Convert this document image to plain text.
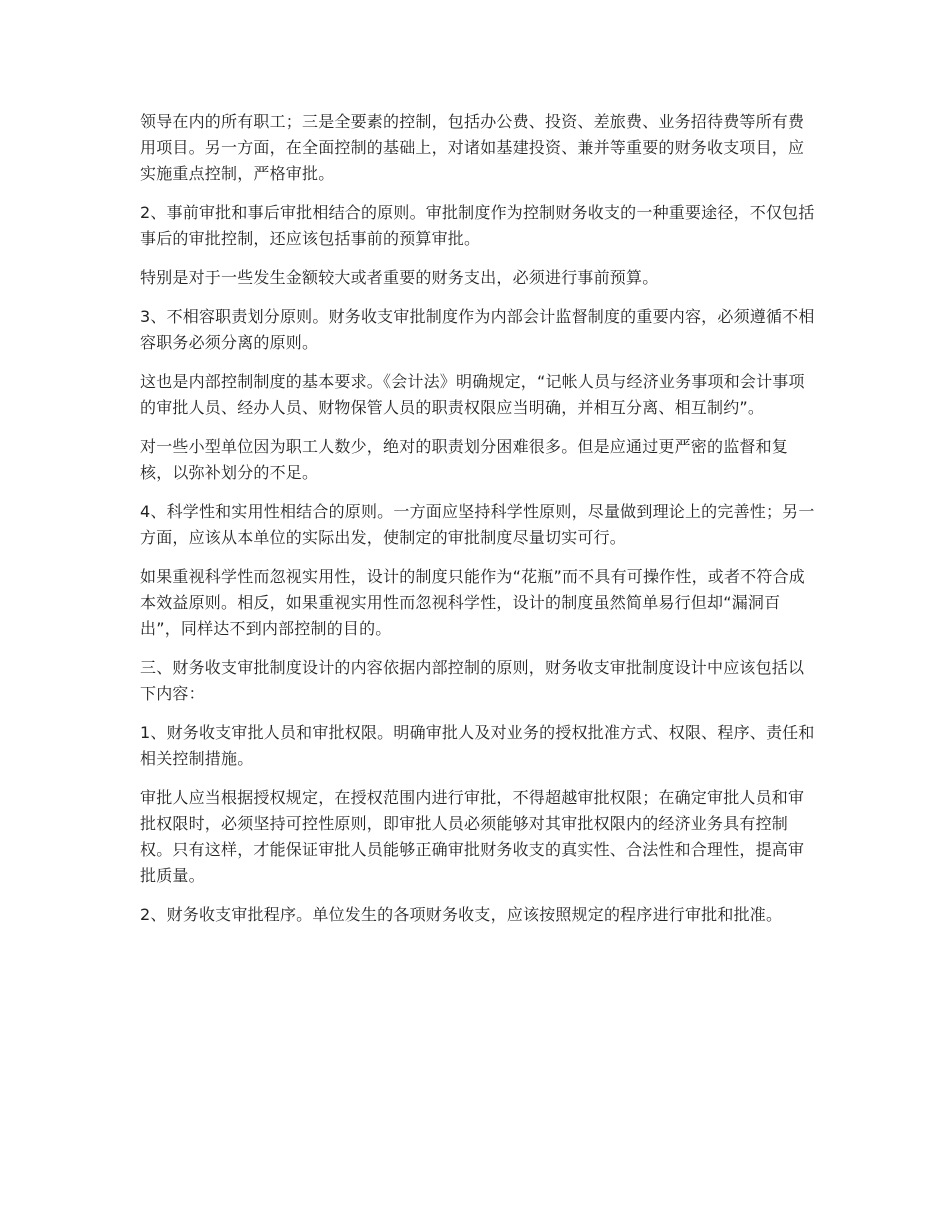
领导在内的所有职工；三是全要素的控制，包括办公费、投资、差旅费、业务招待费等所有费用项目。另一方面，在全面控制的基础上，对诸如基建投资、兼并等重要的财务收支项目，应实施重点控制，严格审批。

2、事前审批和事后审批相结合的原则。审批制度作为控制财务收支的一种重要途径，不仅包括事后的审批控制，还应该包括事前的预算审批。

特别是对于一些发生金额较大或者重要的财务支出，必须进行事前预算。

3、不相容职责划分原则。财务收支审批制度作为内部会计监督制度的重要内容，必须遵循不相容职务必须分离的原则。

这也是内部控制制度的基本要求。《会计法》明确规定，“记帐人员与经济业务事项和会计事项的审批人员、经办人员、财物保管人员的职责权限应当明确，并相互分离、相互制约”。

对一些小型单位因为职工人数少，绝对的职责划分困难很多。但是应通过更严密的监督和复核，以弥补划分的不足。

4、科学性和实用性相结合的原则。一方面应坚持科学性原则，尽量做到理论上的完善性；另一方面，应该从本单位的实际出发，使制定的审批制度尽量切实可行。

如果重视科学性而忽视实用性，设计的制度只能作为“花瓶”而不具有可操作性，或者不符合成本效益原则。相反，如果重视实用性而忽视科学性，设计的制度虽然简单易行但却“漏洞百出”，同样达不到内部控制的目的。

三、财务收支审批制度设计的内容依据内部控制的原则，财务收支审批制度设计中应该包括以下内容：

1、财务收支审批人员和审批权限。明确审批人及对业务的授权批准方式、权限、程序、责任和相关控制措施。

审批人应当根据授权规定，在授权范围内进行审批，不得超越审批权限；在确定审批人员和审批权限时，必须坚持可控性原则，即审批人员必须能够对其审批权限内的经济业务具有控制权。只有这样，才能保证审批人员能够正确审批财务收支的真实性、合法性和合理性，提高审批质量。

2、财务收支审批程序。单位发生的各项财务收支，应该按照规定的程序进行审批和批准。
